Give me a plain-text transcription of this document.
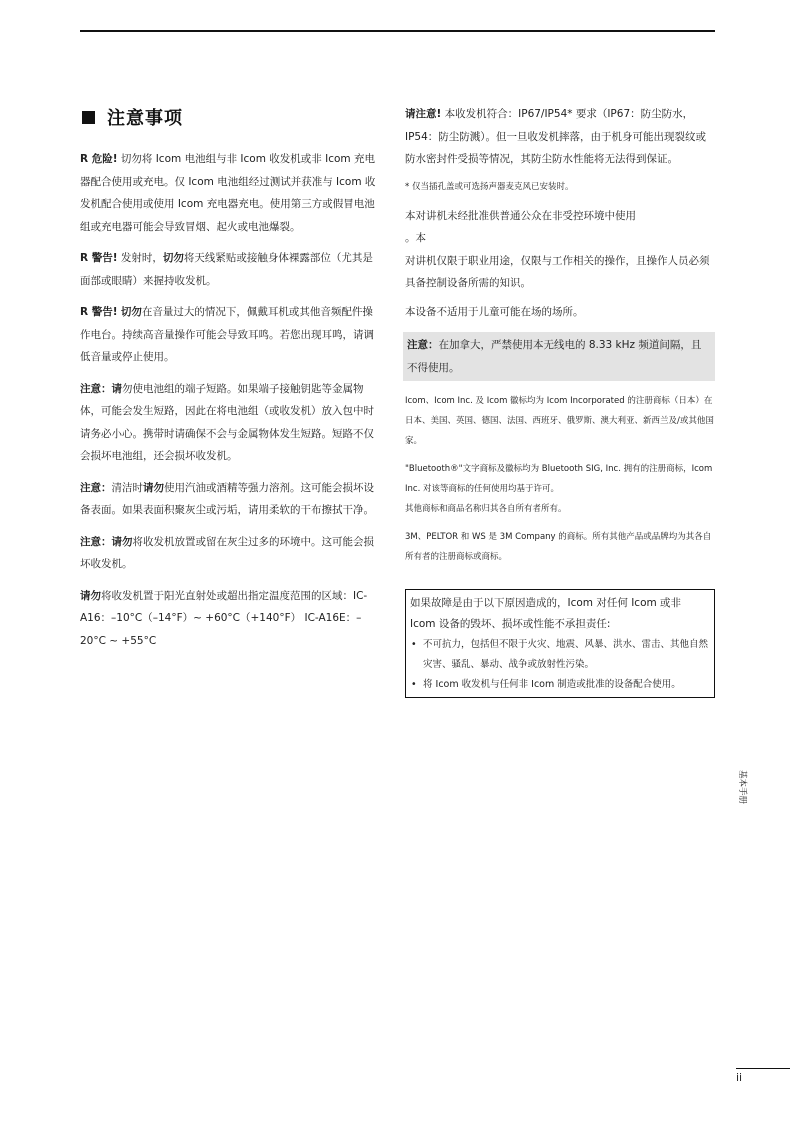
注意事项

R 危险! 切勿将 Icom 电池组与非 Icom 收发机或非 Icom 充电器配合使用或充电。仅 Icom 电池组经过测试并获准与 Icom 收发机配合使用或使用 Icom 充电器充电。使用第三方或假冒电池组或充电器可能会导致冒烟、起火或电池爆裂。

R 警告! 发射时，切勿将天线紧贴或接触身体裸露部位（尤其是面部或眼睛）来握持收发机。

R 警告! 切勿在音量过大的情况下，佩戴耳机或其他音频配件操作电台。持续高音量操作可能会导致耳鸣。若您出现耳鸣，请调低音量或停止使用。

注意：请勿使电池组的端子短路。如果端子接触钥匙等金属物体，可能会发生短路，因此在将电池组（或收发机）放入包中时请务必小心。携带时请确保不会与金属物体发生短路。短路不仅会损坏电池组，还会损坏收发机。

注意：清洁时请勿使用汽油或酒精等强力溶剂。这可能会损坏设备表面。如果表面积聚灰尘或污垢，请用柔软的干布擦拭干净。

注意：请勿将收发机放置或留在灰尘过多的环境中。这可能会损坏收发机。

请勿将收发机置于阳光直射处或超出指定温度范围的区域：IC-A16：–10°C（–14°F）~ +60°C（+140°F） IC-A16E：–20°C ~ +55°C

请注意! 本收发机符合：IP67/IP54* 要求（IP67：防尘防水，IP54：防尘防溅）。但一旦收发机摔落，由于机身可能出现裂纹或防水密封件受损等情况，其防尘防水性能将无法得到保证。

* 仅当插孔盖或可选扬声器麦克风已安装时。

本对讲机未经批准供普通公众在非受控环境中使用
。本
对讲机仅限于职业用途，仅限与工作相关的操作，且操作人员必须具备控制设备所需的知识。

本设备不适用于儿童可能在场的场所。

注意：在加拿大，严禁使用本无线电的 8.33 kHz 频道间隔，且不得使用。

Icom、Icom Inc. 及 Icom 徽标均为 Icom Incorporated 的注册商标（日本）在日本、美国、英国、德国、法国、西班牙、俄罗斯、澳大利亚、新西兰及/或其他国家。

"Bluetooth®"文字商标及徽标均为 Bluetooth SIG, Inc. 拥有的注册商标，Icom Inc. 对该等商标的任何使用均基于许可。

其他商标和商品名称归其各自所有者所有。

3M、PELTOR 和 WS 是 3M Company 的商标。所有其他产品或品牌均为其各自所有者的注册商标或商标。

如果故障是由于以下原因造成的，Icom 对任何 Icom 或非 Icom 设备的毁坏、损坏或性能不承担责任:

• 不可抗力，包括但不限于火灾、地震、风暴、洪水、雷击、其他自然灾害、骚乱、暴动、战争或放射性污染。
• 将 Icom 收发机与任何非 Icom 制造或批准的设备配合使用。
基本手册
ii
